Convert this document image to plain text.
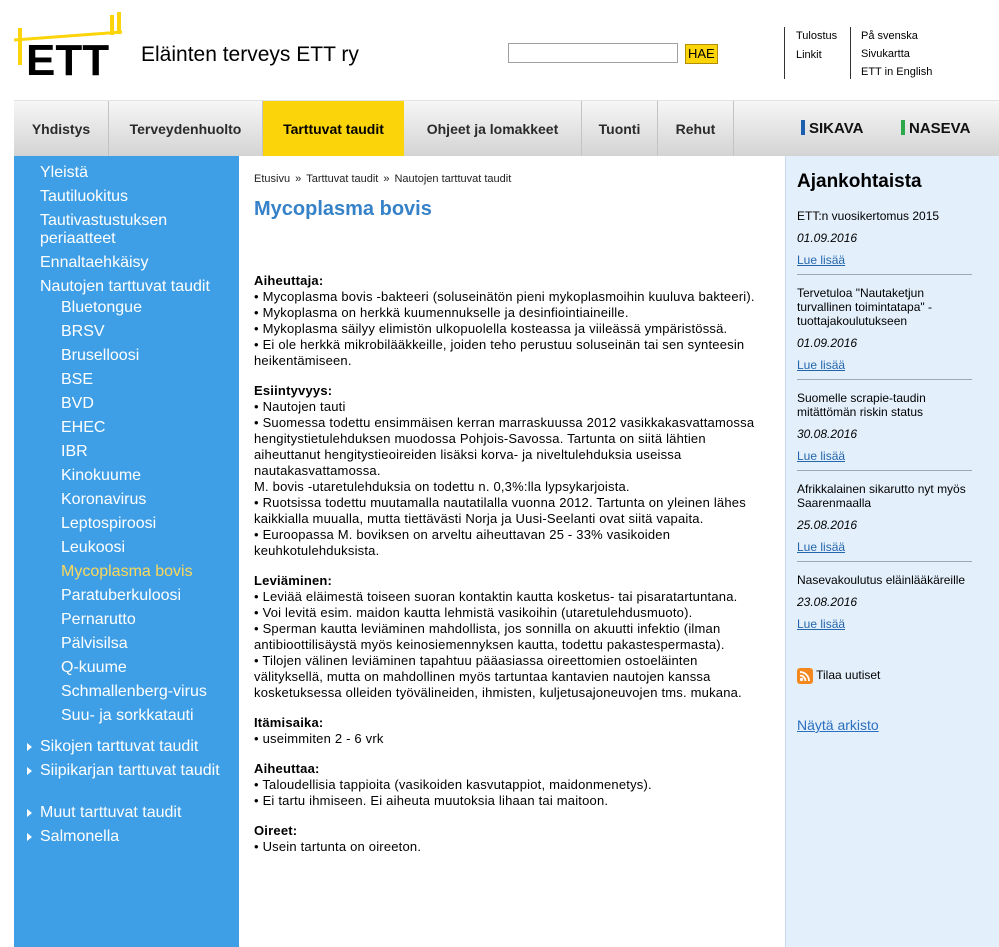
ETT Eläinten terveys ETT ry	HAE
Tulostus
Linkit
På svenska
Sivukartta
ETT in English
Yhdistys	Terveydenhuolto	Tarttuvat taudit	Ohjeet ja lomakkeet	Tuonti	Rehut	SIKAVA	NASEVA
Yleistä
Tautiluokitus
Tautivastustuksen periaatteet
Ennaltaehkäisy
Nautojen tarttuvat taudit
Bluetongue
BRSV
Bruselloosi
BSE
BVD
EHEC
IBR
Kinokuume
Koronavirus
Leptospiroosi
Leukoosi
Mycoplasma bovis
Paratuberkuloosi
Pernarutto
Pälvisilsa
Q-kuume
Schmallenberg-virus
Suu- ja sorkkatauti
Sikojen tarttuvat taudit
Siipikarjan tarttuvat taudit
Muut tarttuvat taudit
Salmonella
Etusivu » Tarttuvat taudit » Nautojen tarttuvat taudit
Mycoplasma bovis
Aiheuttaja:
• Mycoplasma bovis -bakteeri (soluseinätön pieni mykoplasmoihin kuuluva bakteeri).
• Mykoplasma on herkkä kuumennukselle ja desinfiointiaineille.
• Mykoplasma säilyy elimistön ulkopuolella kosteassa ja viileässä ympäristössä.
• Ei ole herkkä mikrobilääkkeille, joiden teho perustuu soluseinän tai sen synteesin heikentämiseen.
Esiintyvyys:
• Nautojen tauti
• Suomessa todettu ensimmäisen kerran marraskuussa 2012 vasikkakasvattamossa hengitystietulehduksen muodossa Pohjois-Savossa. Tartunta on siitä lähtien aiheuttanut hengitystieoireiden lisäksi korva- ja niveltulehduksia useissa nautakasvattamossa.
M. bovis -utaretulehduksia on todettu n. 0,3%:lla lypsykarjoista.
• Ruotsissa todettu muutamalla nautatilalla vuonna 2012. Tartunta on yleinen lähes kaikkialla muualla, mutta tiettävästi Norja ja Uusi-Seelanti ovat siitä vapaita.
• Euroopassa M. boviksen on arveltu aiheuttavan 25 - 33% vasikoiden keuhkotulehduksista.
Leviäminen:
• Leviää eläimestä toiseen suoran kontaktin kautta kosketus- tai pisaratartuntana.
• Voi levitä esim. maidon kautta lehmistä vasikoihin (utaretulehdusmuoto).
• Sperman kautta leviäminen mahdollista, jos sonnilla on akuutti infektio (ilman antibioottilisäystä myös keinosiemennyksen kautta, todettu pakastespermasta).
• Tilojen välinen leviäminen tapahtuu pääasiassa oireettomien ostoeläinten välityksellä, mutta on mahdollinen myös tartuntaa kantavien nautojen kanssa kosketuksessa olleiden työvälineiden, ihmisten, kuljetusajoneuvojen tms. mukana.
Itämisaika:
• useimmiten 2 - 6 vrk
Aiheuttaa:
• Taloudellisia tappioita (vasikoiden kasvutappiot, maidonmenetys).
• Ei tartu ihmiseen. Ei aiheuta muutoksia lihaan tai maitoon.
Oireet:
• Usein tartunta on oireeton.
Ajankohtaista
ETT:n vuosikertomus 2015
01.09.2016
Lue lisää
Tervetuloa "Nautaketjun turvallinen toimintatapa" -tuottajakoulutukseen
01.09.2016
Lue lisää
Suomelle scrapie-taudin mitättömän riskin status
30.08.2016
Lue lisää
Afrikkalainen sikarutto nyt myös Saarenmaalla
25.08.2016
Lue lisää
Nasevakoulutus eläinlääkäreille
23.08.2016
Lue lisää
Tilaa uutiset
Näytä arkisto
